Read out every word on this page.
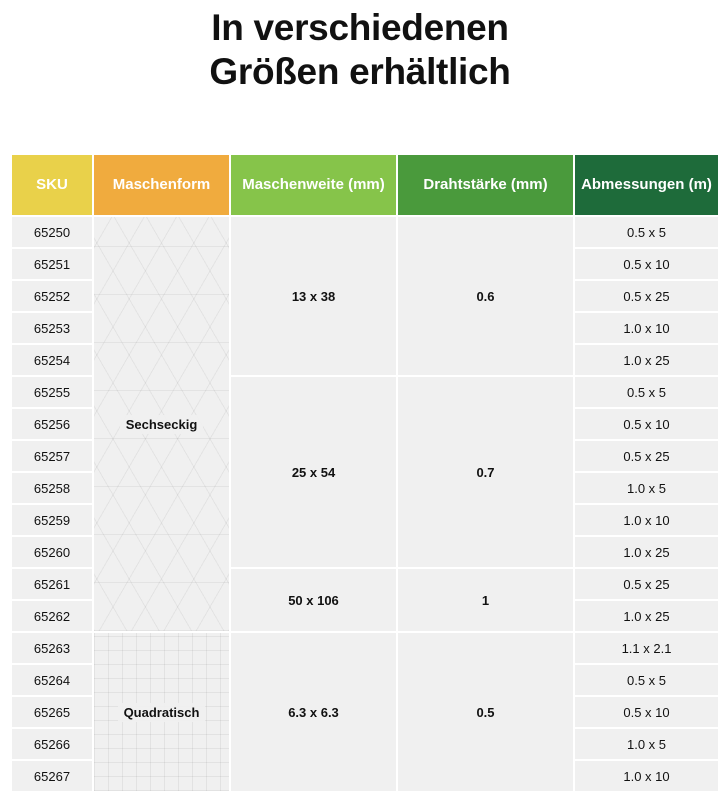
In verschiedenen
Größen erhältlich
SKU	Maschenform	Maschenweite (mm)	Drahtstärke (mm)	Abmessungen (m)
65250	Sechseckig	13 x 38	0.6	0.5 x 5
65251				0.5 x 10
65252				0.5 x 25
65253				1.0 x 10
65254				1.0 x 25
65255		25 x 54	0.7	0.5 x 5
65256				0.5 x 10
65257				0.5 x 25
65258				1.0 x 5
65259				1.0 x 10
65260				1.0 x 25
65261		50 x 106	1	0.5 x 25
65262				1.0 x 25
65263	Quadratisch	6.3 x 6.3	0.5	1.1 x 2.1
65264				0.5 x 5
65265				0.5 x 10
65266				1.0 x 5
65267				1.0 x 10
